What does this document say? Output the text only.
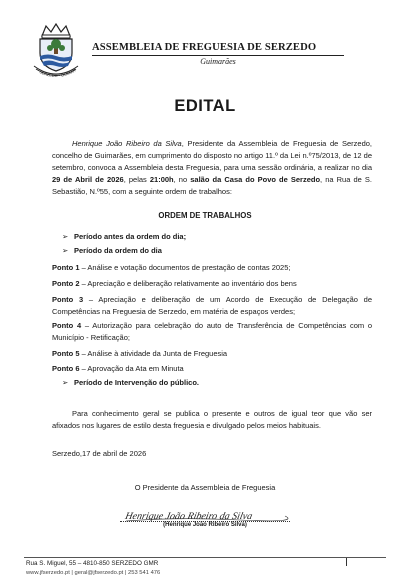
SERZEDO - GUIMAR
ASSEMBLEIA DE FREGUESIA DE SERZEDO
Guimarães
EDITAL
Henrique João Ribeiro da Silva, Presidente da Assembleia de Freguesia de Serzedo, concelho de Guimarães, em cumprimento do disposto no artigo 11.º da Lei n.º75/2013, de 12 de setembro, convoca a Assembleia desta Freguesia, para uma sessão ordinária, a realizar no dia 29 de Abril de 2026, pelas 21:00h, no salão da Casa do Povo de Serzedo, na Rua de S. Sebastião, N.º55, com a seguinte ordem de trabalhos:
ORDEM DE TRABALHOS
➢ Período antes da ordem do dia;
➢ Período da ordem do dia
Ponto 1 – Análise e votação documentos de prestação de contas 2025;
Ponto 2 – Apreciação e deliberação relativamente ao inventário dos bens
Ponto 3 – Apreciação e deliberação de um Acordo de Execução de Delegação de Competências na Freguesia de Serzedo, em matéria de espaços verdes;
Ponto 4 – Autorização para celebração do auto de Transferência de Competências com o Município - Retificação;
Ponto 5 – Análise à atividade da Junta de Freguesia
Ponto 6 – Aprovação da Ata em Minuta
➢ Período de Intervenção do público.
Para conhecimento geral se publica o presente e outros de igual teor que vão ser afixados nos lugares de estilo desta freguesia e divulgado pelos meios habituais.
Serzedo,17 de abril de 2026
O Presidente da Assembleia de Freguesia
Henrique João Ribeiro da Silva
(Henrique João Ribeiro Silva)
Rua S. Miguel, 55 – 4810-850 SERZEDO GMR
www.jfserzedo.pt | geral@jfserzedo.pt | 253 541 476
